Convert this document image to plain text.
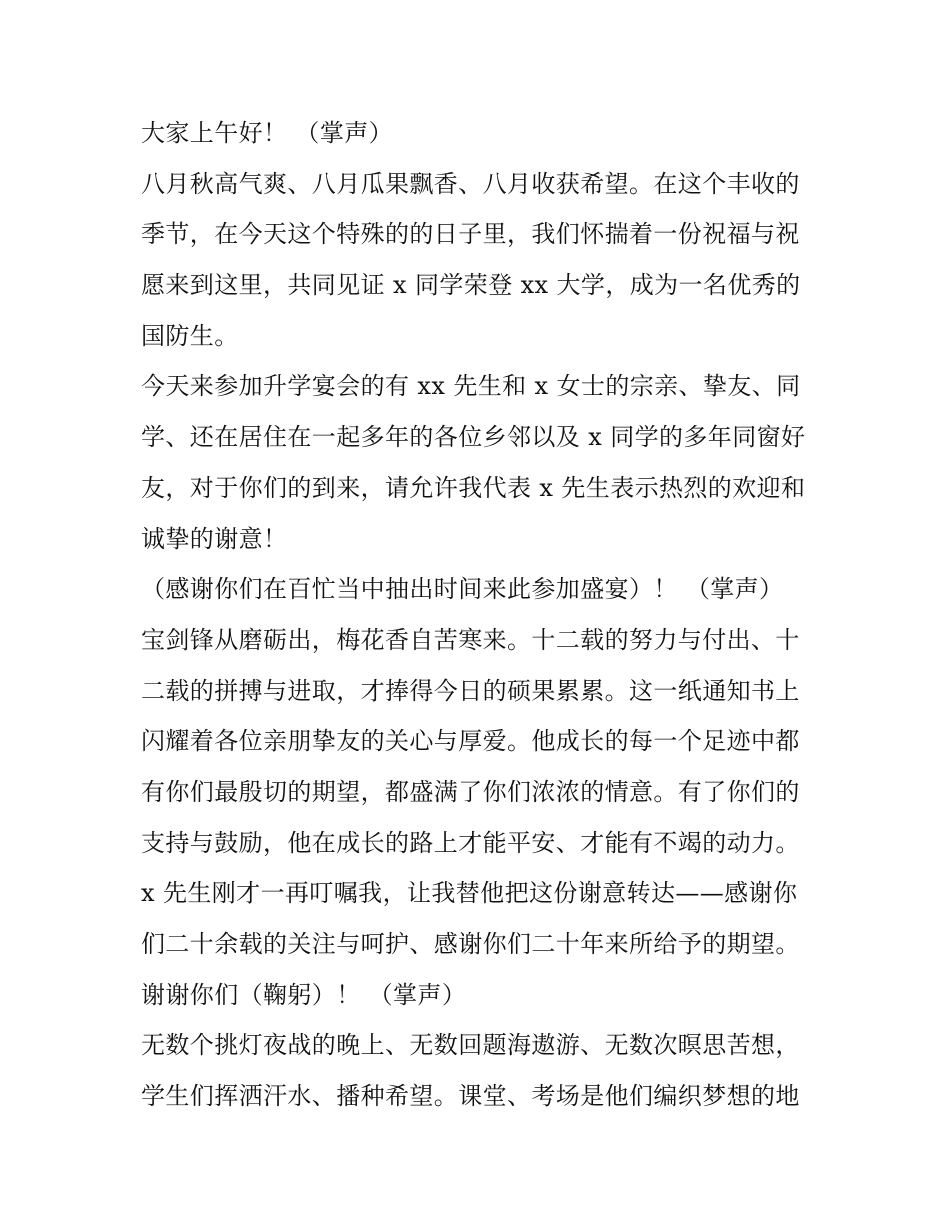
大家上午好！ （掌声）
八月秋高气爽、八月瓜果飘香、八月收获希望。在这个丰收的
季节，在今天这个特殊的的日子里，我们怀揣着一份祝福与祝
愿来到这里，共同见证 x 同学荣登 xx 大学，成为一名优秀的
国防生。
今天来参加升学宴会的有 xx 先生和 x 女士的宗亲、挚友、同
学、还在居住在一起多年的各位乡邻以及 x 同学的多年同窗好
友，对于你们的到来，请允许我代表 x 先生表示热烈的欢迎和
诚挚的谢意！
（感谢你们在百忙当中抽出时间来此参加盛宴）！ （掌声）
宝剑锋从磨砺出，梅花香自苦寒来。十二载的努力与付出、十
二载的拼搏与进取，才捧得今日的硕果累累。这一纸通知书上
闪耀着各位亲朋挚友的关心与厚爱。他成长的每一个足迹中都
有你们最殷切的期望，都盛满了你们浓浓的情意。有了你们的
支持与鼓励，他在成长的路上才能平安、才能有不竭的动力。
x 先生刚才一再叮嘱我，让我替他把这份谢意转达——感谢你
们二十余载的关注与呵护、感谢你们二十年来所给予的期望。
谢谢你们（鞠躬）！ （掌声）
无数个挑灯夜战的晚上、无数回题海遨游、无数次暝思苦想，
学生们挥洒汗水、播种希望。课堂、考场是他们编织梦想的地
